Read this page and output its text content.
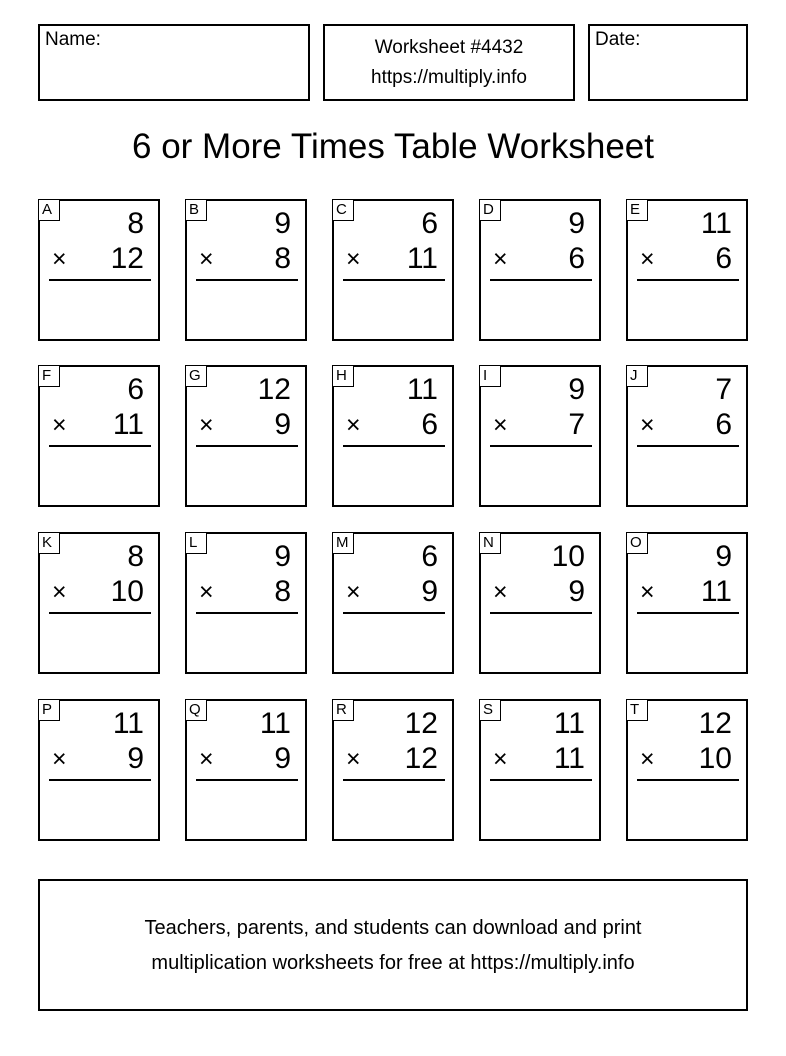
Name:	Worksheet #4432
https://multiply.info
Date:
6 or More Times Table Worksheet
A	8
× 12
B	9
× 8
C 6
× 11
D 9
× 6
E 11
× 6
F	6
× 11
G 12
× 9
H 11
× 6
I	9
× 7
J	7
× 6
K	8
× 10
L	9
× 8
M 6
× 9
N 10
× 9
O 9
× 11
P 11
× 9
Q 11
× 9
R 12
× 12
S 11
× 11
T 12
× 10
Teachers, parents, and students can download and print
multiplication worksheets for free at https://multiply.info
